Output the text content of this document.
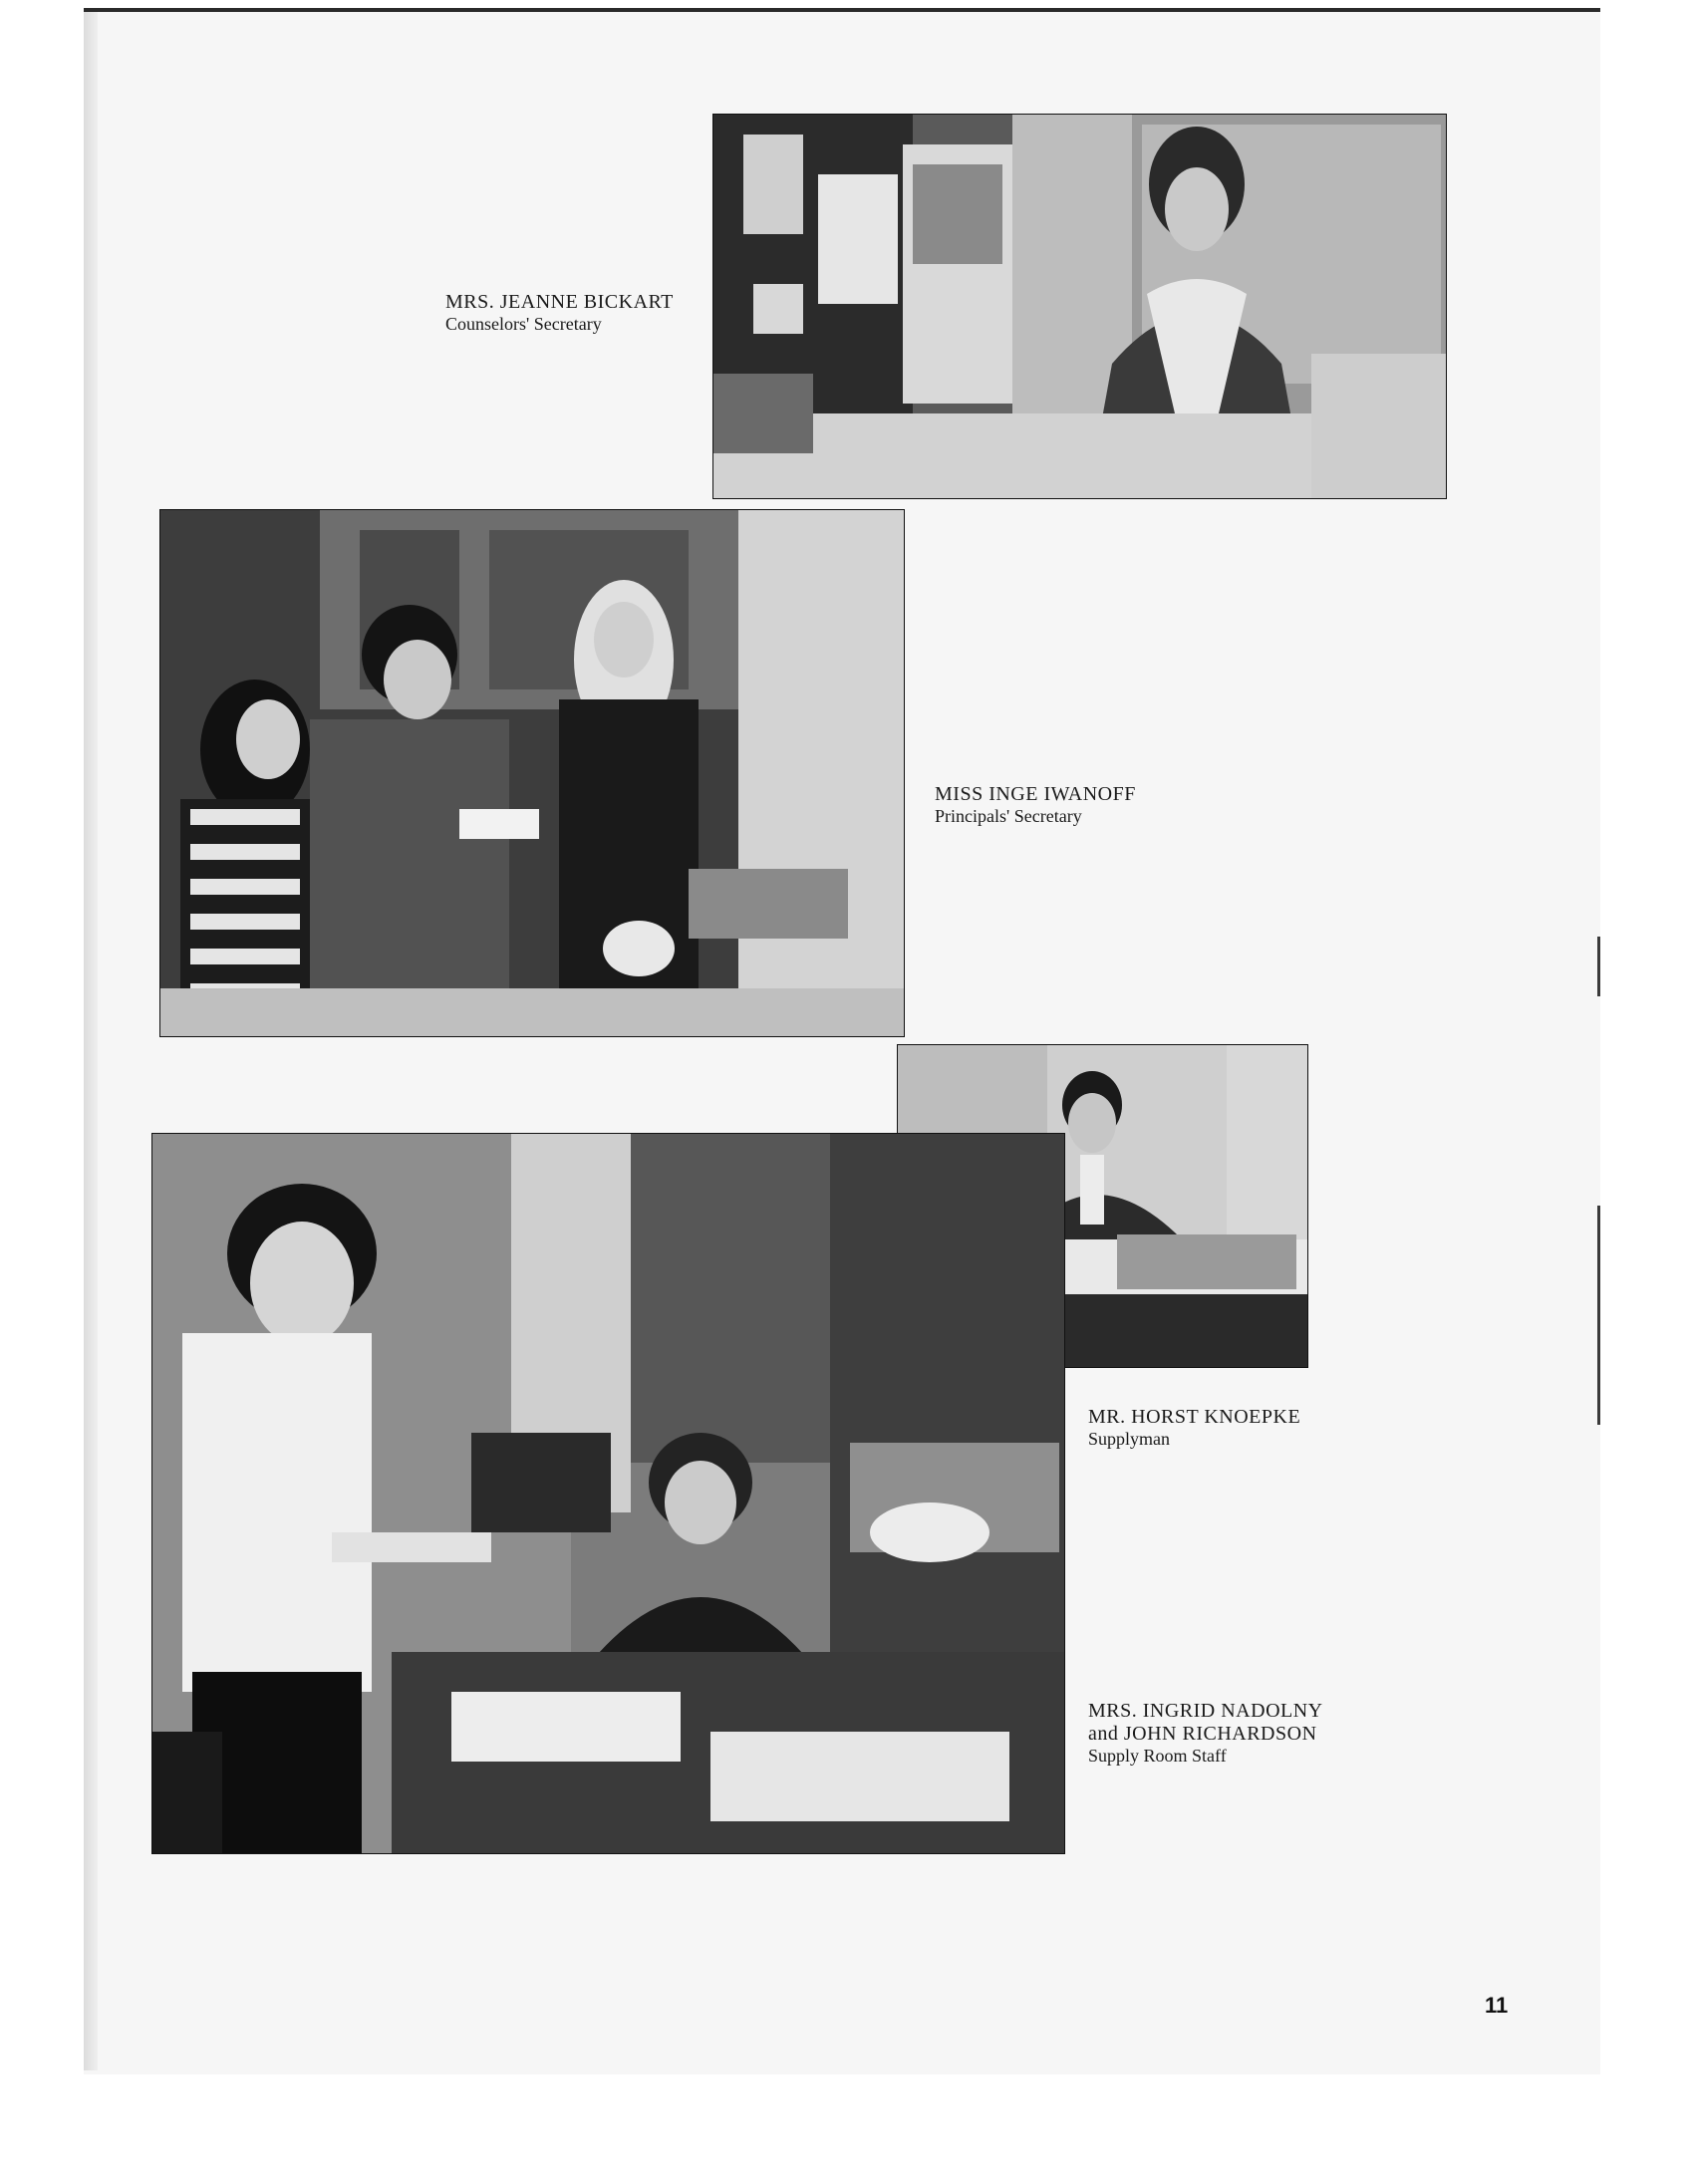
MRS. JEANNE BICKART
Counselors' Secretary
MISS INGE IWANOFF
Principals' Secretary
MR. HORST KNOEPKE
Supplyman
MRS. INGRID NADOLNY
and JOHN RICHARDSON
Supply Room Staff
11
